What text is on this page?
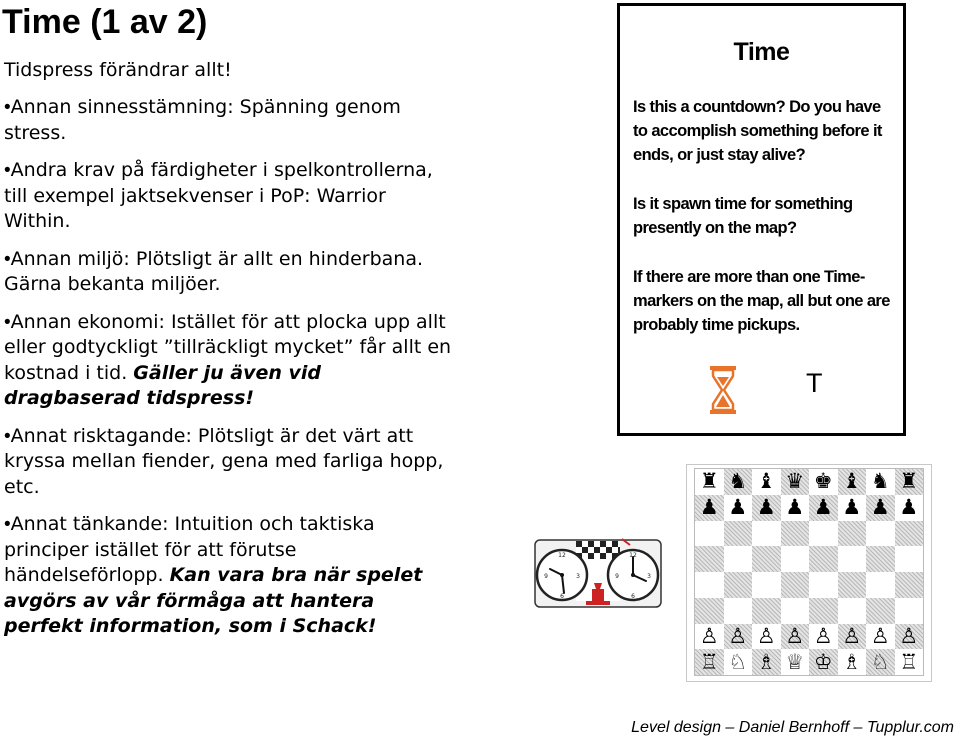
Time (1 av 2)

Tidspress förändrar allt!

•Annan sinnesstämning: Spänning genom stress.
•Andra krav på färdigheter i spelkontrollerna, till exempel jaktsekvenser i PoP: Warrior Within.
•Annan miljö: Plötsligt är allt en hinderbana. Gärna bekanta miljöer.
•Annan ekonomi: Istället för att plocka upp allt eller godtyckligt ”tillräckligt mycket” får allt en kostnad i tid. Gäller ju även vid dragbaserad tidspress!
•Annat risktagande: Plötsligt är det värt att kryssa mellan fiender, gena med farliga hopp, etc.
•Annat tänkande: Intuition och taktiska principer istället för att förutse händelseförlopp. Kan vara bra när spelet avgörs av vår förmåga att hantera perfekt information, som i Schack!
Time

Is this a countdown? Do you have to accomplish something before it ends, or just stay alive?

Is it spawn time for something presently on the map?

If there are more than one Time-markers on the map, all but one are probably time pickups.

T
12
3
6
9
12
3
6
9
♜ ♞ ♝ ♛ ♚ ♝ ♞ ♜
♟ ♟ ♟ ♟ ♟ ♟ ♟ ♟
♙ ♙ ♙ ♙ ♙ ♙ ♙ ♙
♖ ♘ ♗ ♕ ♔ ♗ ♘ ♖
Level design – Daniel Bernhoff – Tupplur.com
